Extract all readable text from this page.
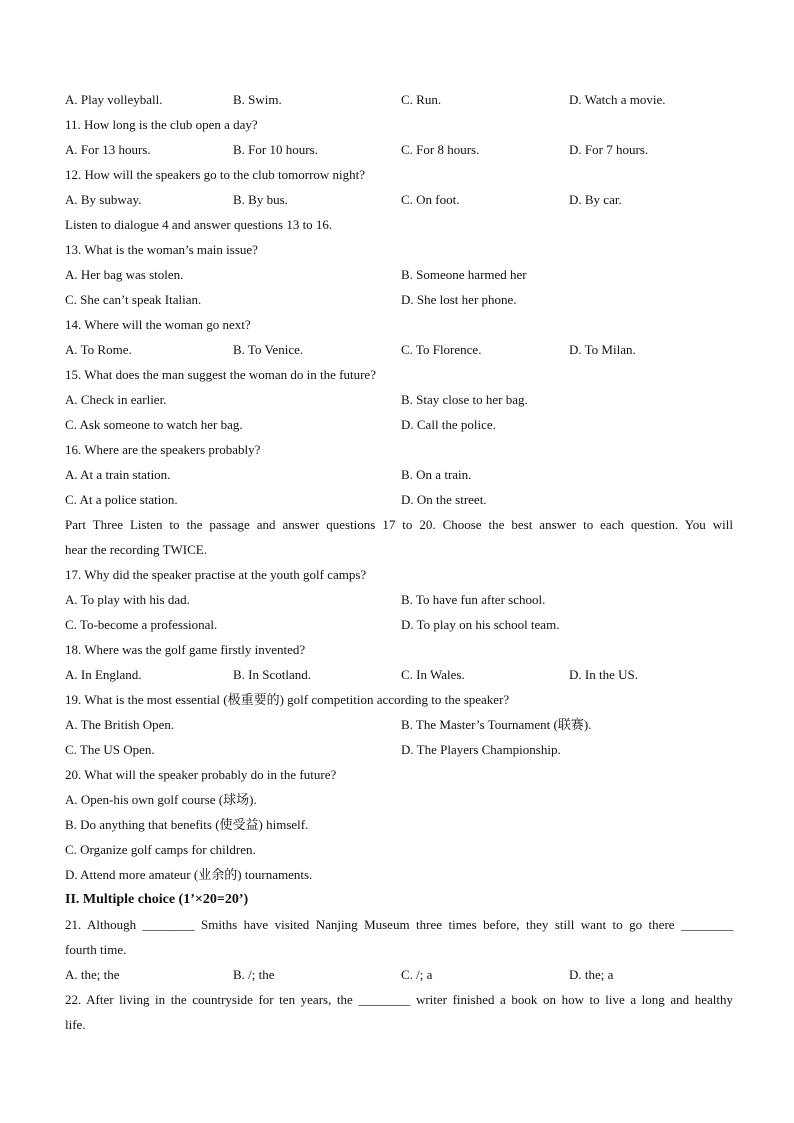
A. Play volleyball.	B. Swim.	C. Run.	D. Watch a movie.
11. How long is the club open a day?
A. For 13 hours.	B. For 10 hours.	C. For 8 hours.	D. For 7 hours.
12. How will the speakers go to the club tomorrow night?
A. By subway.	B. By bus.	C. On foot.	D. By car.
Listen to dialogue 4 and answer questions 13 to 16.
13. What is the woman’s main issue?
A. Her bag was stolen.	B. Someone harmed her
C. She can’t speak Italian.	D. She lost her phone.
14. Where will the woman go next?
A. To Rome.	B. To Venice.	C. To Florence.	D. To Milan.
15. What does the man suggest the woman do in the future?
A. Check in earlier.	B. Stay close to her bag.
C. Ask someone to watch her bag.	D. Call the police.
16. Where are the speakers probably?
A. At a train station.	B. On a train.
C. At a police station.	D. On the street.
Part Three Listen to the passage and answer questions 17 to 20. Choose the best answer to each question. You will
hear the recording TWICE.
17. Why did the speaker practise at the youth golf camps?
A. To play with his dad.	B. To have fun after school.
C. To-become a professional.	D. To play on his school team.
18. Where was the golf game firstly invented?
A. In England.	B. In Scotland.	C. In Wales.	D. In the US.
19. What is the most essential (极重要的) golf competition according to the speaker?
A. The British Open.	B. The Master’s Tournament (联赛).
C. The US Open.	D. The Players Championship.
20. What will the speaker probably do in the future?
A. Open-his own golf course (球场).
B. Do anything that benefits (使受益) himself.
C. Organize golf camps for children.
D. Attend more amateur (业余的) tournaments.
II. Multiple choice (1’×20=20’)
21. Although ________ Smiths have visited Nanjing Museum three times before, they still want to go there ________
fourth time.
A. the; the	B. /; the	C. /; a	D. the; a
22. After living in the countryside for ten years, the ________ writer finished a book on how to live a long and healthy
life.
